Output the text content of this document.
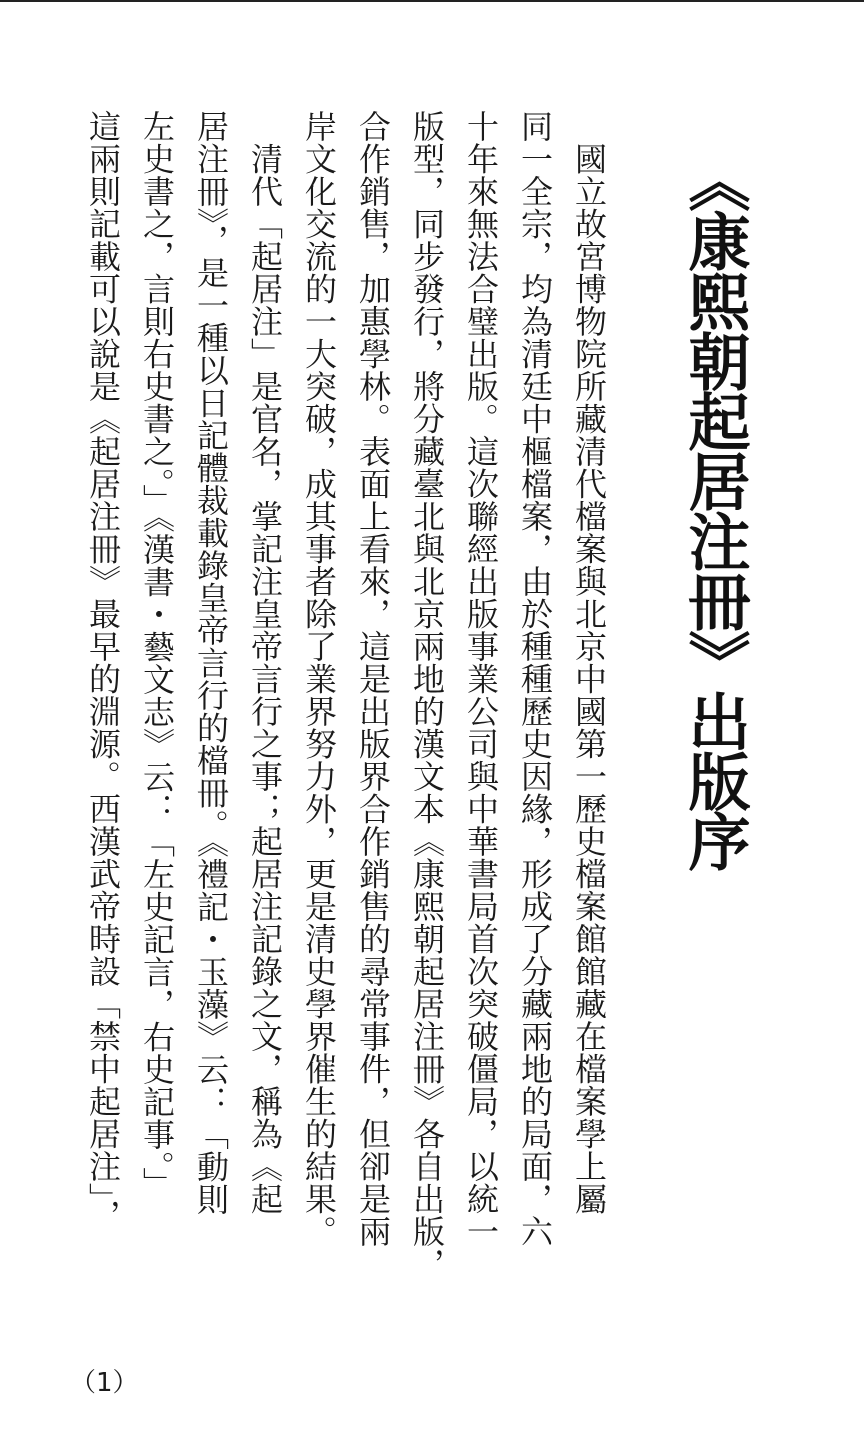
《康熙朝起居注冊》出版序
　國立故宮博物院所藏清代檔案與北京中國第一歷史檔案館館藏在檔案學上屬
同一全宗，均為清廷中樞檔案，由於種種歷史因緣，形成了分藏兩地的局面，六
十年來無法合璧出版。這次聯經出版事業公司與中華書局首次突破僵局，以統一
版型，同步發行，將分藏臺北與北京兩地的漢文本《康熙朝起居注冊》各自出版，
合作銷售，加惠學林。表面上看來，這是出版界合作銷售的尋常事件，但卻是兩
岸文化交流的一大突破，成其事者除了業界努力外，更是清史學界催生的結果。
　清代「起居注」是官名，掌記注皇帝言行之事；起居注記錄之文，稱為《起
居注冊》，是一種以日記體裁載錄皇帝言行的檔冊。《禮記・玉藻》云：「動則
左史書之，言則右史書之。」《漢書・藝文志》云：「左史記言，右史記事。」
這兩則記載可以說是《起居注冊》最早的淵源。西漢武帝時設「禁中起居注」，
（1）
